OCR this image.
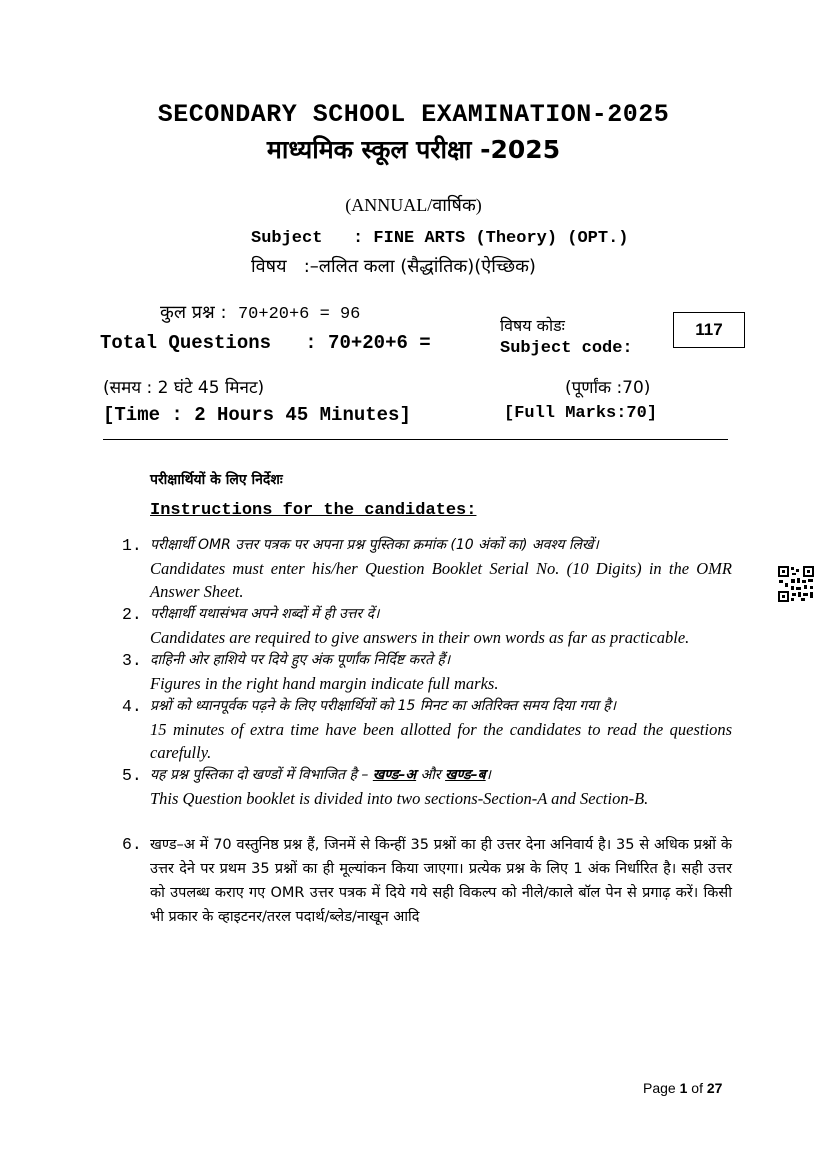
SECONDARY SCHOOL EXAMINATION-2025
माध्यमिक स्कूल परीक्षा -2025
(ANNUAL/वार्षिक)
Subject : FINE ARTS (Theory) (OPT.)
विषय :–ललित कला (सैद्धांतिक)(ऐच्छिक)
कुल प्रश्न : 70+20+6 = 96
Total Questions : 70+20+6 =
विषय कोडः
Subject code:
117
(समय : 2 घंटे 45 मिनट)
[Time : 2 Hours 45 Minutes]
(पूर्णांक :70)
[Full Marks:70]
परीक्षार्थियों के लिए निर्देशः
Instructions for the candidates:
1. परीक्षार्थी OMR उत्तर पत्रक पर अपना प्रश्न पुस्तिका क्रमांक (10 अंकों का) अवश्य लिखें।

Candidates must enter his/her Question Booklet Serial No. (10 Digits) in the OMR Answer Sheet.

2. परीक्षार्थी यथासंभव अपने शब्दों में ही उत्तर दें।

Candidates are required to give answers in their own words as far as practicable.

3. दाहिनी ओर हाशिये पर दिये हुए अंक पूर्णांक निर्दिष्ट करते हैं।

Figures in the right hand margin indicate full marks.

4. प्रश्नों को ध्यानपूर्वक पढ़ने के लिए परीक्षार्थियों को 15 मिनट का अतिरिक्त समय दिया गया है।

15 minutes of extra time have been allotted for the candidates to read the questions carefully.

5. यह प्रश्न पुस्तिका दो खण्डों में विभाजित है – खण्ड–अ और खण्ड–ब।

This Question booklet is divided into two sections-Section-A and Section-B.

6. खण्ड–अ में 70 वस्तुनिष्ठ प्रश्न हैं, जिनमें से किन्हीं 35 प्रश्नों का ही उत्तर देना अनिवार्य है। 35 से अधिक प्रश्नों के उत्तर देने पर प्रथम 35 प्रश्नों का ही मूल्यांकन किया जाएगा। प्रत्येक प्रश्न के लिए 1 अंक निर्धारित है। सही उत्तर को उपलब्ध कराए गए OMR उत्तर पत्रक में दिये गये सही विकल्प को नीले/काले बॉल पेन से प्रगाढ़ करें। किसी भी प्रकार के व्हाइटनर/तरल पदार्थ/ब्लेड/नाखून आदि

Page 1 of 27
